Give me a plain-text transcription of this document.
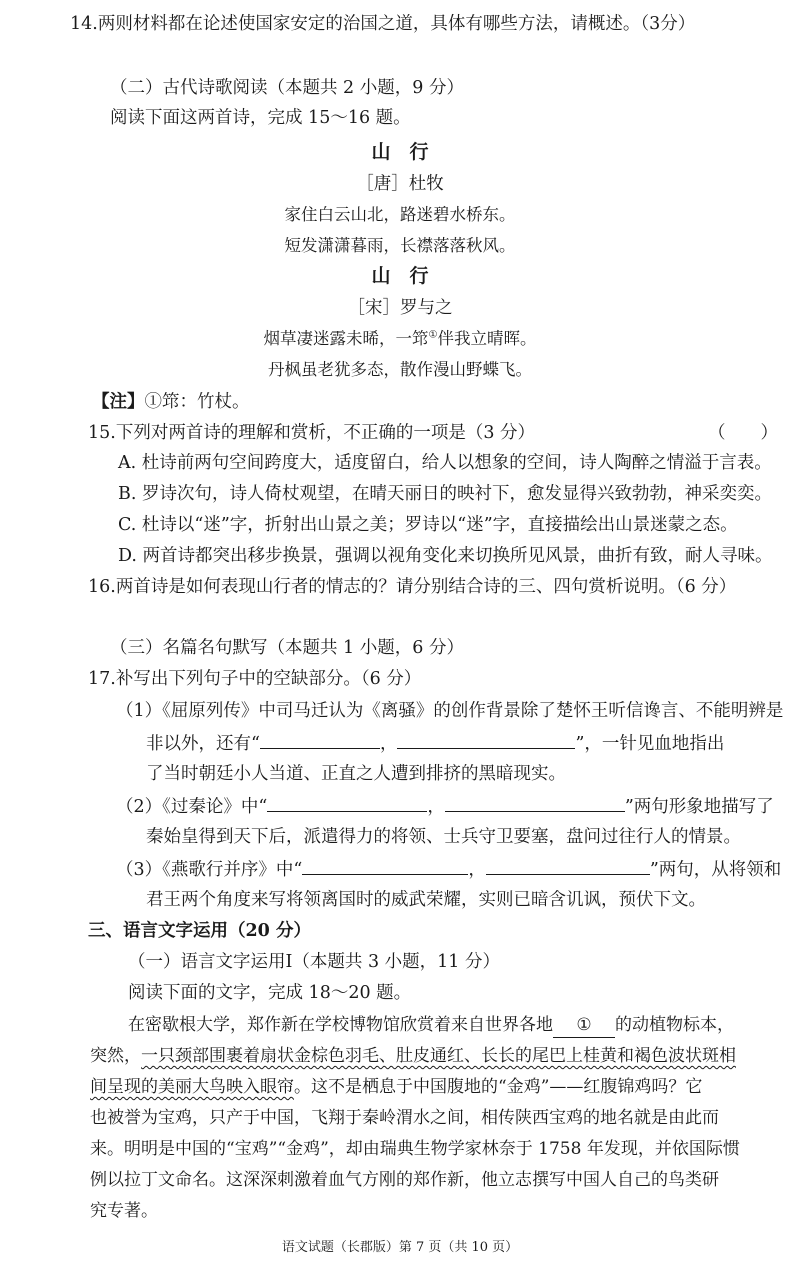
14.两则材料都在论述使国家安定的治国之道，具体有哪些方法，请概述。（3分）
（二）古代诗歌阅读（本题共 2 小题，9 分）
阅读下面这两首诗，完成 15～16 题。
山　行
［唐］杜牧
家住白云山北，路迷碧水桥东。
短发潇潇暮雨，长襟落落秋风。
山　行
［宋］罗与之
烟草凄迷露未晞，一筇①伴我立晴晖。
丹枫虽老犹多态，散作漫山野蝶飞。
【注】①筇：竹杖。
15.下列对两首诗的理解和赏析，不正确的一项是（3 分）	（　　）
A. 杜诗前两句空间跨度大，适度留白，给人以想象的空间，诗人陶醉之情溢于言表。
B. 罗诗次句，诗人倚杖观望，在晴天丽日的映衬下，愈发显得兴致勃勃，神采奕奕。
C. 杜诗以“迷”字，折射出山景之美；罗诗以“迷”字，直接描绘出山景迷蒙之态。
D. 两首诗都突出移步换景，强调以视角变化来切换所见风景，曲折有致，耐人寻味。
16.两首诗是如何表现山行者的情志的？请分别结合诗的三、四句赏析说明。（6 分）
（三）名篇名句默写（本题共 1 小题，6 分）
17.补写出下列句子中的空缺部分。（6 分）
（1）《屈原列传》中司马迁认为《离骚》的创作背景除了楚怀王听信谗言、不能明辨是
非以外，还有“	，	”，一针见血地指出
了当时朝廷小人当道、正直之人遭到排挤的黑暗现实。
（2）《过秦论》中“	，	”两句形象地描写了
秦始皇得到天下后，派遣得力的将领、士兵守卫要塞，盘问过往行人的情景。
（3）《燕歌行并序》中“	，	”两句，从将领和
君王两个角度来写将领离国时的威武荣耀，实则已暗含讥讽，预伏下文。
三、语言文字运用（20 分）
（一）语言文字运用Ⅰ（本题共 3 小题，11 分）
阅读下面的文字，完成 18～20 题。
在密歇根大学，郑作新在学校博物馆欣赏着来自世界各地 ① 的动植物标本，
突然，一只颈部围裹着扇状金棕色羽毛、肚皮通红、长长的尾巴上桂黄和褐色波状斑相
间呈现的美丽大鸟映入眼帘。这不是栖息于中国腹地的“金鸡”——红腹锦鸡吗？它
也被誉为宝鸡，只产于中国，飞翔于秦岭渭水之间，相传陕西宝鸡的地名就是由此而
来。明明是中国的“宝鸡”“金鸡”，却由瑞典生物学家林奈于 1758 年发现，并依国际惯
例以拉丁文命名。这深深刺激着血气方刚的郑作新，他立志撰写中国人自己的鸟类研
究专著。
语文试题（长郡版）第 7 页（共 10 页）
